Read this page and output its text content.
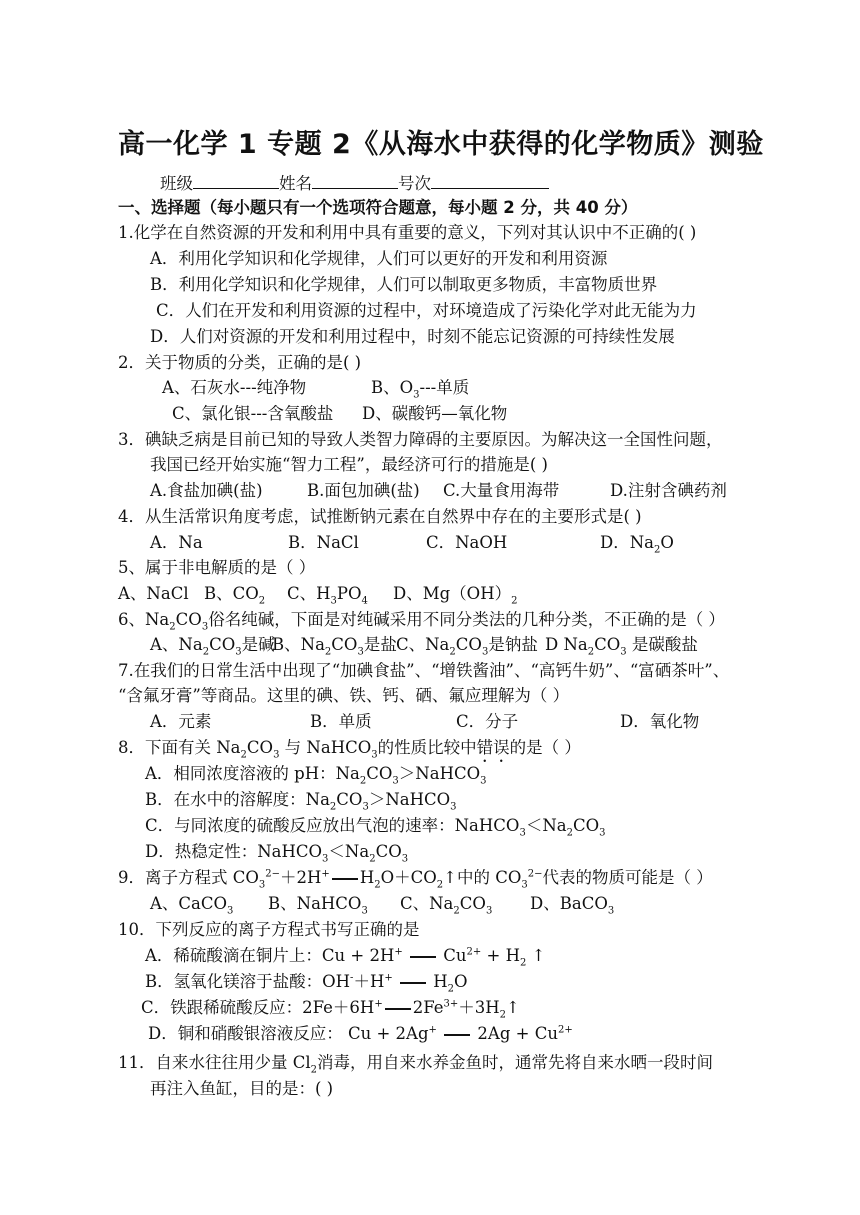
高一化学 1 专题 2《从海水中获得的化学物质》测验
班级	姓名	号次
一、选择题（每小题只有一个选项符合题意，每小题 2 分，共 40 分）
1.化学在自然资源的开发和利用中具有重要的意义，下列对其认识中不正确的( )
A．利用化学知识和化学规律，人们可以更好的开发和利用资源
B．利用化学知识和化学规律，人们可以制取更多物质，丰富物质世界
C．人们在开发和利用资源的过程中，对环境造成了污染化学对此无能为力
D．人们对资源的开发和利用过程中，时刻不能忘记资源的可持续性发展
2．关于物质的分类，正确的是( )
A、石灰水---纯净物	B、$O_3---$单质
C、氯化银---含氧酸盐 D、碳酸钙—氧化物
3．碘缺乏病是目前已知的导致人类智力障碍的主要原因。为解决这一全国性问题，
我国已经开始实施“智力工程”，最经济可行的措施是( )
A.食盐加碘(盐)	B.面包加碘(盐) C.大量食用海带	D.注射含碘药剂
4．从生活常识角度考虑，试推断钠元素在自然界中存在的主要形式是( )
A．Na	B．NaCl	C．NaOH	D．$Na_2O$
5、属于非电解质的是（ ）
A、NaCl B、$CO_2$ C、$H_3PO_4$ D、$Mg(OH)_2$
6、$Na_2CO_3$俗名纯碱，下面是对纯碱采用不同分类法的几种分类，不正确的是（ ）
A、$Na_2CO_3$是碱
B、$Na_2CO_3$是盐 C、$Na_2CO_3$是钠盐 D $Na_2CO_3$ 是碳酸盐
7.在我们的日常生活中出现了“加碘食盐”、“增铁酱油”、“高钙牛奶”、“富硒茶叶”、
“含氟牙膏”等商品。这里的碘、铁、钙、硒、氟应理解为（ ）
A．元素	B．单质	C．分子	D．氧化物
8．下面有关 $Na_2CO_3$ 与 NaHCO$_3$的性质比较中错误的是（ ）
A．相同浓度溶液的 pH：$Na_2CO_3>NaHCO_3$
B．在水中的溶解度：$Na_2CO_3>NaHCO_3$
C．与同浓度的硫酸反应放出气泡的速率：$NaHCO_3<Na_2CO_3$
D．热稳定性：$NaHCO_3<Na_2CO_3$
9．离子方程式 $CO_3^{2-}+2H^+$ $H_2O+CO_2↑$中的 $CO_3^{2-}$代表的物质可能是（ ）
A、CaCO$_3$ B、NaHCO$_3$ C、$Na_2CO_3$ D、BaCO$_3$
10．下列反应的离子方程式书写正确的是
A．稀硫酸滴在铜片上：Cu + 2H+  $Cu^{2+} + H_2$ ↑
B．氢氧化镁溶于盐酸：OH-＋H+  $H_2O$
C．铁跟稀硫酸反应：2Fe＋6H+ $2Fe^{3+}+3H_2↑$
D．铜和硝酸银溶液反应： Cu + 2Ag+  $2Ag + Cu^{2+}$
11．自来水往往用少量 $Cl_2$消毒，用自来水养金鱼时，通常先将自来水晒一段时间
再注入鱼缸，目的是：( )
